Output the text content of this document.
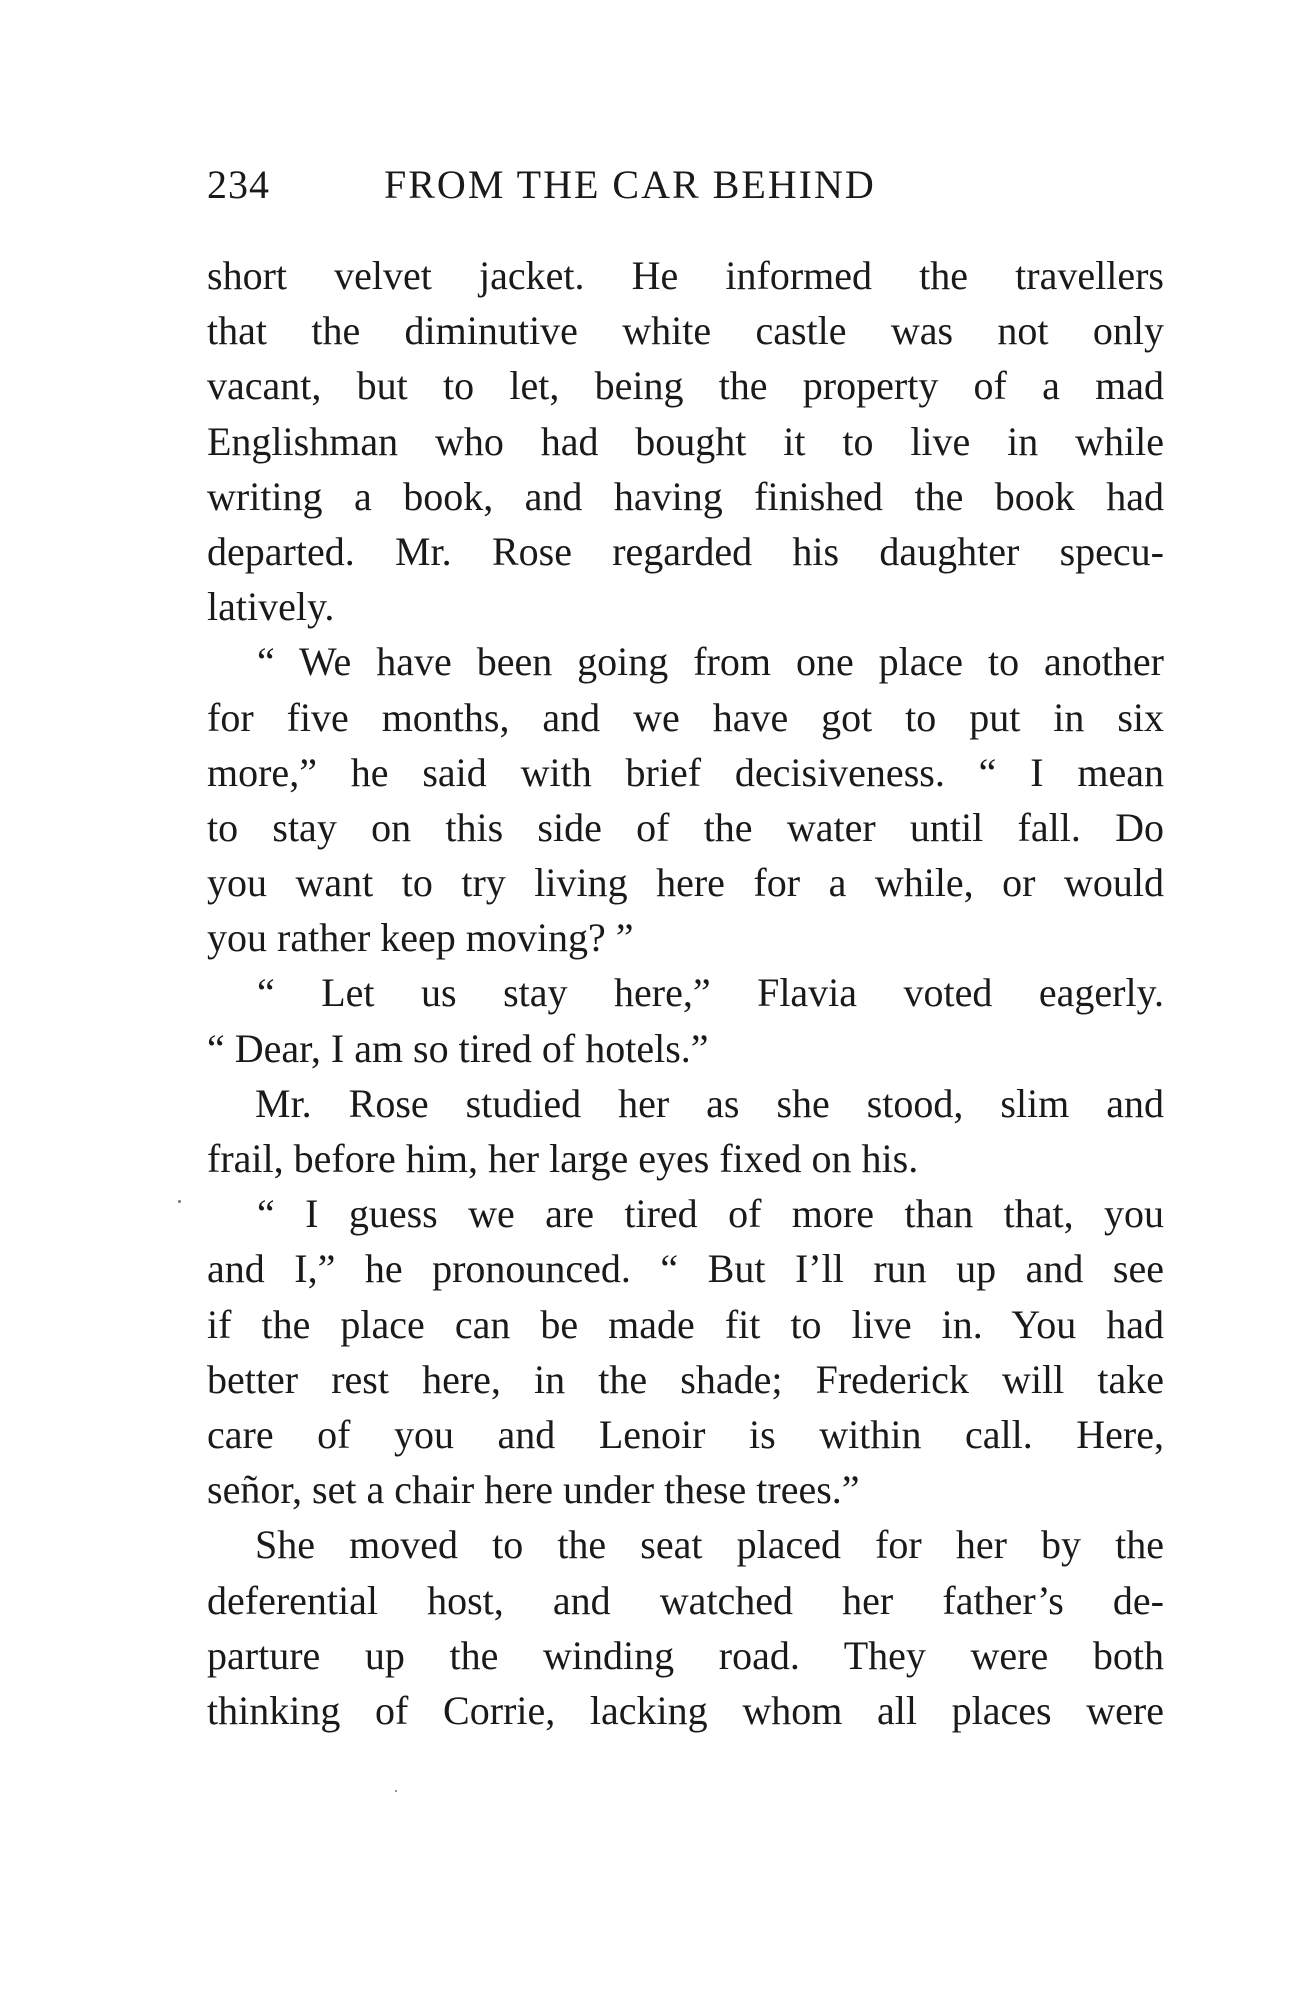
234	FROM THE CAR BEHIND
short velvet jacket. He informed the travellers
that the diminutive white castle was not only
vacant, but to let, being the property of a mad
Englishman who had bought it to live in while
writing a book, and having finished the book had
departed. Mr. Rose regarded his daughter specu-
latively.
“ We have been going from one place to another
for five months, and we have got to put in six
more,” he said with brief decisiveness. “ I mean
to stay on this side of the water until fall. Do
you want to try living here for a while, or would
you rather keep moving? ”
“ Let us stay here,” Flavia voted eagerly.
“ Dear, I am so tired of hotels.”
Mr. Rose studied her as she stood, slim and
frail, before him, her large eyes fixed on his.
“ I guess we are tired of more than that, you
and I,” he pronounced. “ But I’ll run up and see
if the place can be made fit to live in. You had
better rest here, in the shade; Frederick will take
care of you and Lenoir is within call. Here,
señor, set a chair here under these trees.”
She moved to the seat placed for her by the
deferential host, and watched her father’s de-
parture up the winding road. They were both
thinking of Corrie, lacking whom all places were
